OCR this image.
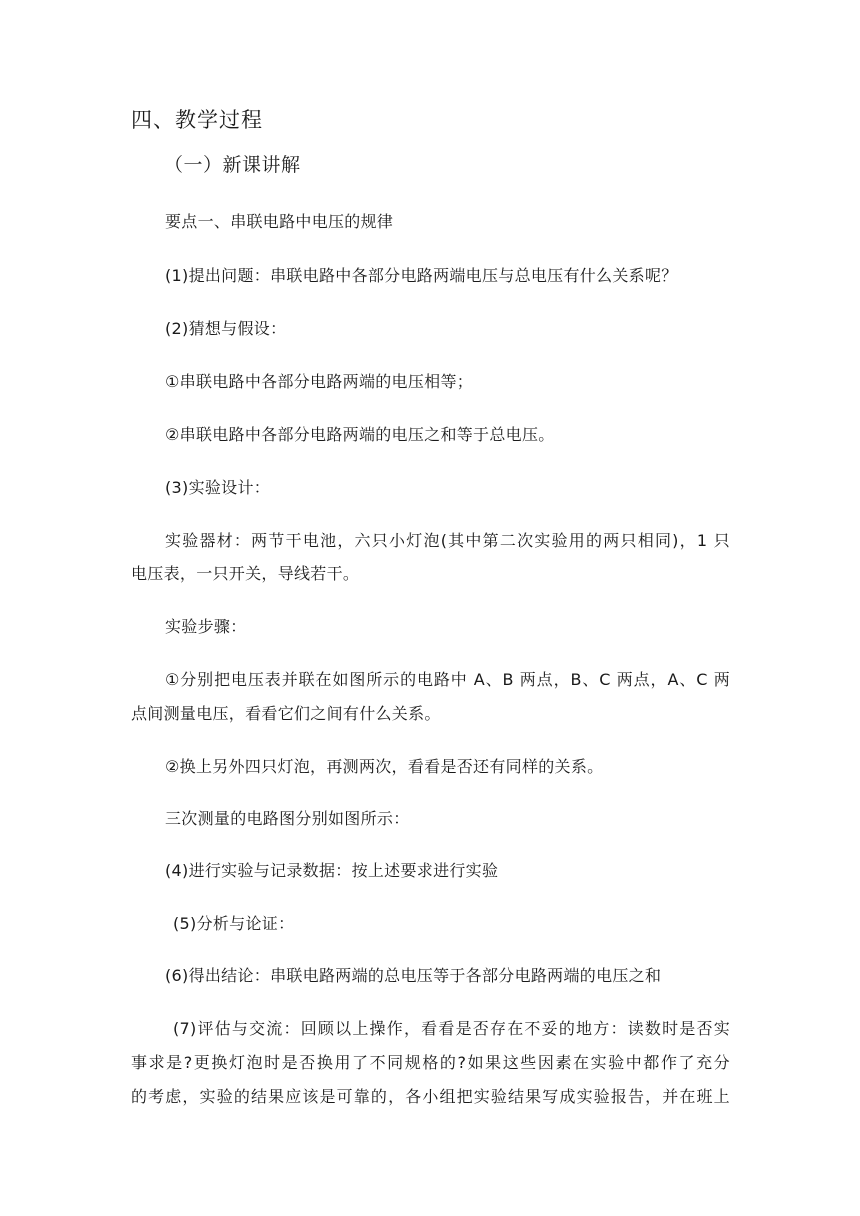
四、教学过程
（一）新课讲解
要点一、串联电路中电压的规律
(1)提出问题：串联电路中各部分电路两端电压与总电压有什么关系呢？
(2)猜想与假设：
①串联电路中各部分电路两端的电压相等；
②串联电路中各部分电路两端的电压之和等于总电压。
(3)实验设计：
实验器材：两节干电池，六只小灯泡(其中第二次实验用的两只相同)，1 只
电压表，一只开关，导线若干。
实验步骤：
①分别把电压表并联在如图所示的电路中 A、B 两点，B、C 两点，A、C 两
点间测量电压，看看它们之间有什么关系。
②换上另外四只灯泡，再测两次，看看是否还有同样的关系。
三次测量的电路图分别如图所示：
(4)进行实验与记录数据：按上述要求进行实验
(5)分析与论证：
(6)得出结论：串联电路两端的总电压等于各部分电路两端的电压之和
(7)评估与交流：回顾以上操作，看看是否存在不妥的地方：读数时是否实
事求是?更换灯泡时是否换用了不同规格的?如果这些因素在实验中都作了充分
的考虑，实验的结果应该是可靠的，各小组把实验结果写成实验报告，并在班上
